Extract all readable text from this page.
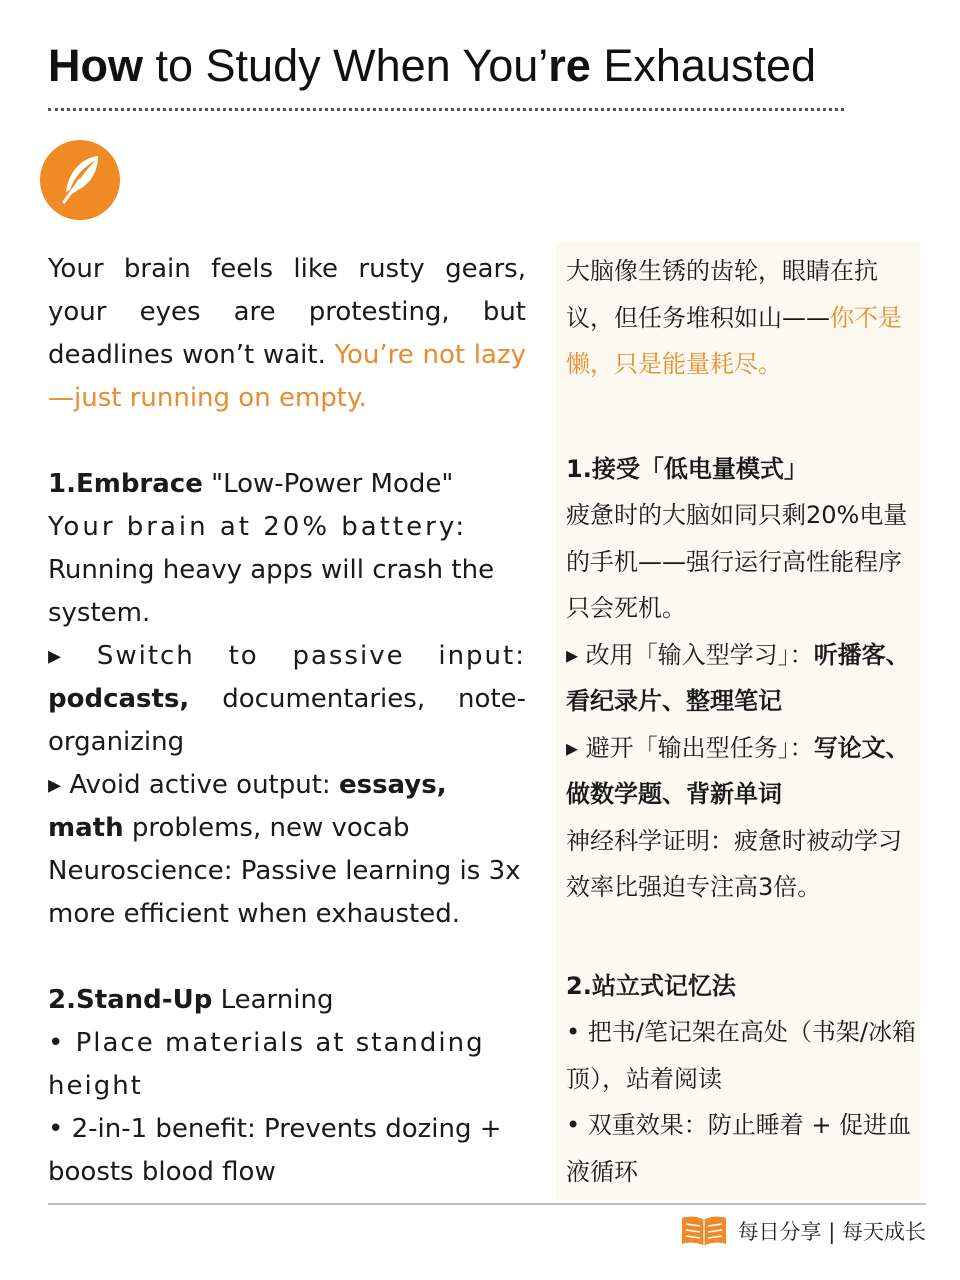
How to Study When You’re Exhausted

Your brain feels like rusty gears, your eyes are protesting, but deadlines won’t wait. You’re not lazy—just running on empty.

1.Embrace "Low-Power Mode"

Your brain at 20% battery:

Running heavy apps will crash the system.

▸ Switch to passive input: podcasts, documentaries, note-organizing

▸ Avoid active output: essays, math problems, new vocab

Neuroscience: Passive learning is 3x more efficient when exhausted.

2.Stand-Up Learning

• Place materials at standing height

• 2-in-1 benefit: Prevents dozing + boosts blood flow

大脑像生锈的齿轮，眼睛在抗议，但任务堆积如山——你不是懒，只是能量耗尽。

1.接受「低电量模式」

疲惫时的大脑如同只剩20%电量的手机——强行运行高性能程序只会死机。

▸ 改用「输入型学习」：听播客、看纪录片、整理笔记

▸ 避开「输出型任务」：写论文、做数学题、背新单词

神经科学证明：疲惫时被动学习效率比强迫专注高3倍。

2.站立式记忆法

• 把书/笔记架在高处（书架/冰箱顶），站着阅读

• 双重效果：防止睡着 + 促进血液循环

每日分享 | 每天成长
